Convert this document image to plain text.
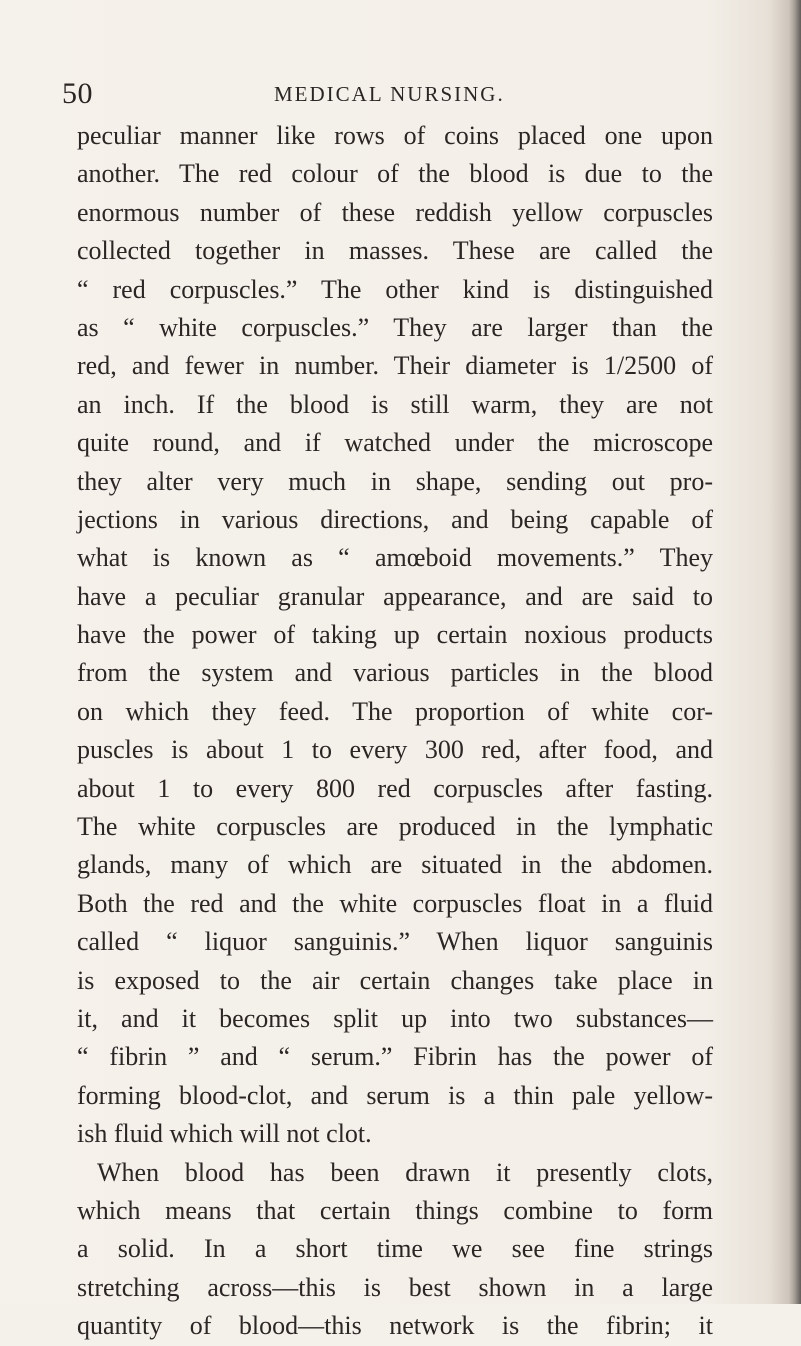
50	MEDICAL NURSING.
peculiar manner like rows of coins placed one upon
another. The red colour of the blood is due to the
enormous number of these reddish yellow corpuscles
collected together in masses. These are called the
“ red corpuscles.” The other kind is distinguished
as “ white corpuscles.” They are larger than the
red, and fewer in number. Their diameter is 1/2500 of
an inch. If the blood is still warm, they are not
quite round, and if watched under the microscope
they alter very much in shape, sending out pro-
jections in various directions, and being capable of
what is known as “ amœboid movements.” They
have a peculiar granular appearance, and are said to
have the power of taking up certain noxious products
from the system and various particles in the blood
on which they feed. The proportion of white cor-
puscles is about 1 to every 300 red, after food, and
about 1 to every 800 red corpuscles after fasting.
The white corpuscles are produced in the lymphatic
glands, many of which are situated in the abdomen.
Both the red and the white corpuscles float in a fluid
called “ liquor sanguinis.” When liquor sanguinis
is exposed to the air certain changes take place in
it, and it becomes split up into two substances—
“ fibrin ” and “ serum.” Fibrin has the power of
forming blood-clot, and serum is a thin pale yellow-
ish fluid which will not clot.
When blood has been drawn it presently clots,
which means that certain things combine to form
a solid. In a short time we see fine strings
stretching across—this is best shown in a large
quantity of blood—this network is the fibrin; it
